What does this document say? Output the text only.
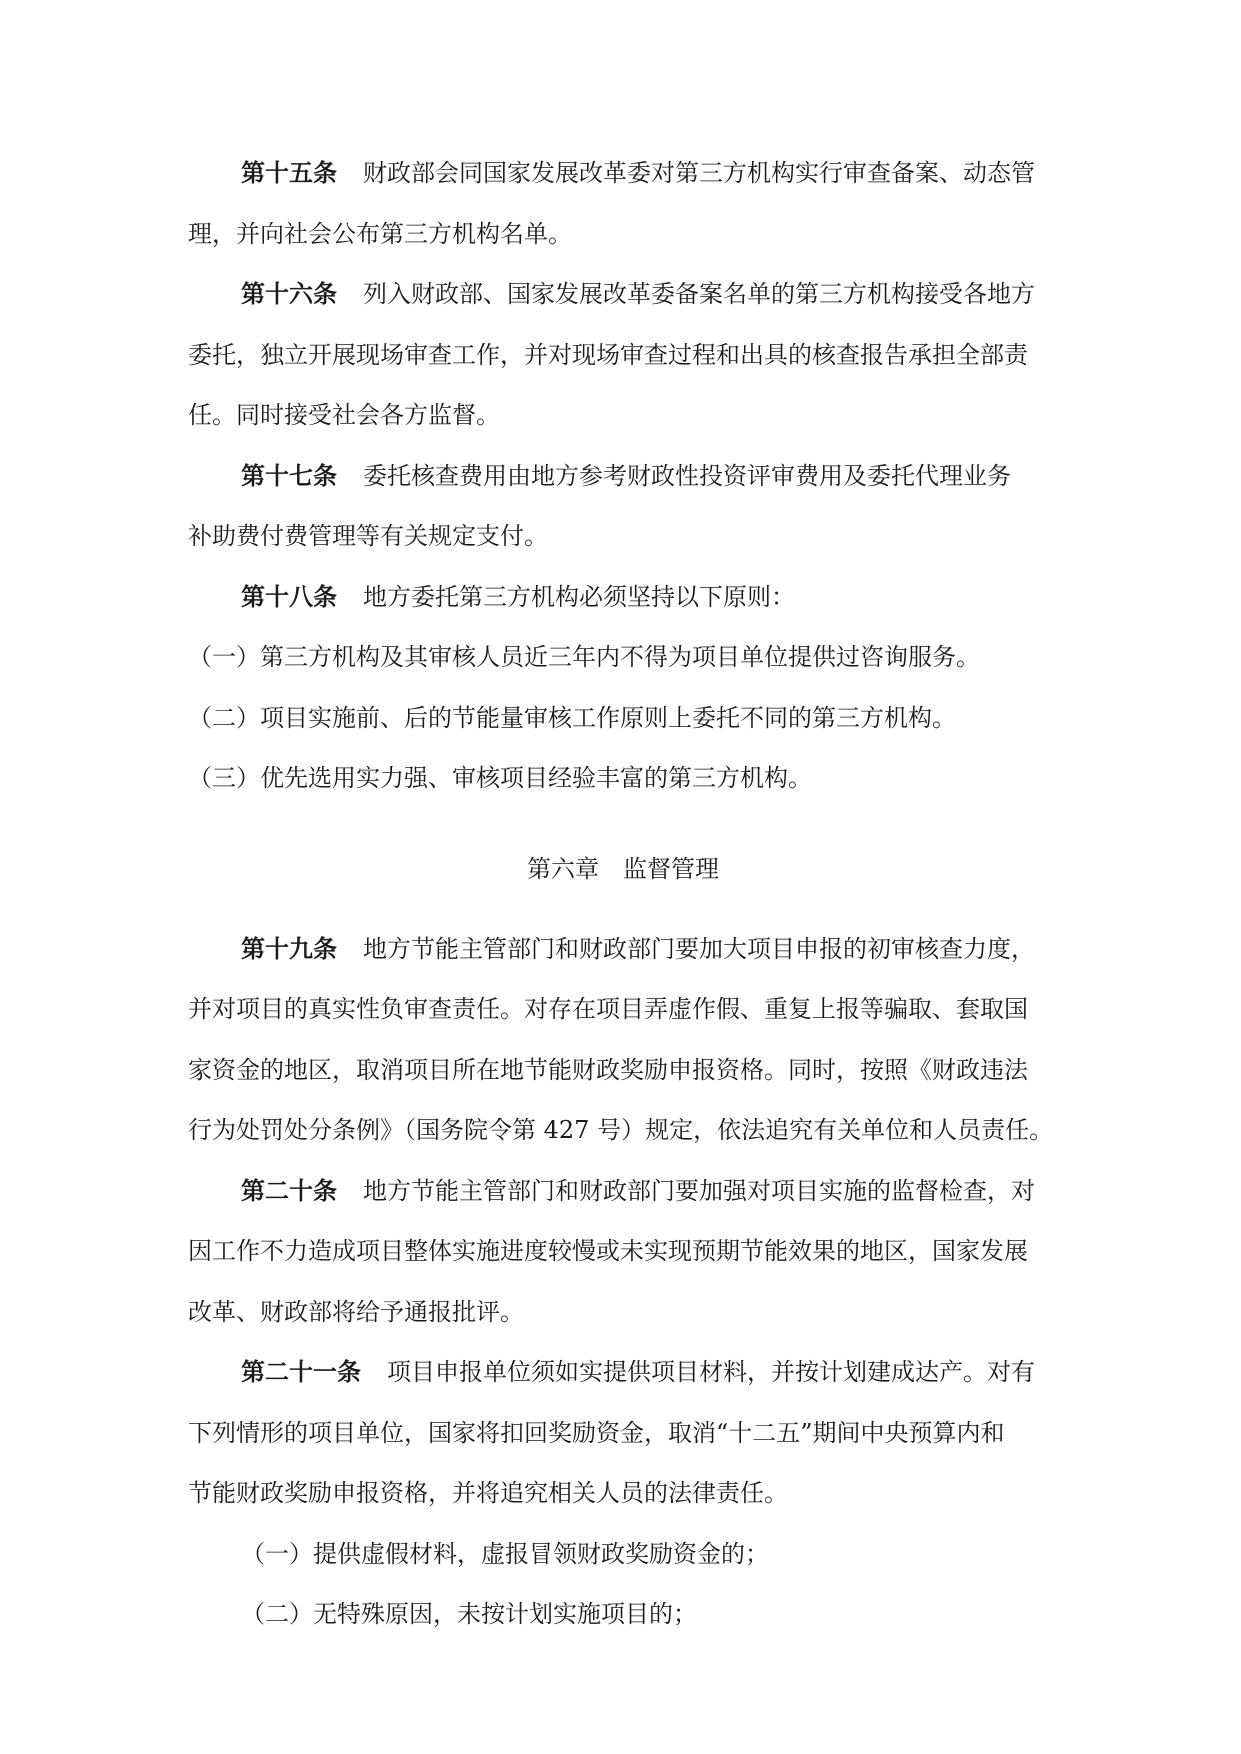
第十五条 财政部会同国家发展改革委对第三方机构实行审查备案、动态管
理，并向社会公布第三方机构名单。
第十六条 列入财政部、国家发展改革委备案名单的第三方机构接受各地方
委托，独立开展现场审查工作，并对现场审查过程和出具的核查报告承担全部责
任。同时接受社会各方监督。
第十七条 委托核查费用由地方参考财政性投资评审费用及委托代理业务
补助费付费管理等有关规定支付。
第十八条 地方委托第三方机构必须坚持以下原则：
（一）第三方机构及其审核人员近三年内不得为项目单位提供过咨询服务。
（二）项目实施前、后的节能量审核工作原则上委托不同的第三方机构。
（三）优先选用实力强、审核项目经验丰富的第三方机构。
第六章 监督管理
第十九条 地方节能主管部门和财政部门要加大项目申报的初审核查力度，
并对项目的真实性负审查责任。对存在项目弄虚作假、重复上报等骗取、套取国
家资金的地区，取消项目所在地节能财政奖励申报资格。同时，按照《财政违法
行为处罚处分条例》（国务院令第 427 号）规定，依法追究有关单位和人员责任。
第二十条 地方节能主管部门和财政部门要加强对项目实施的监督检查，对
因工作不力造成项目整体实施进度较慢或未实现预期节能效果的地区，国家发展
改革、财政部将给予通报批评。
第二十一条 项目申报单位须如实提供项目材料，并按计划建成达产。对有
下列情形的项目单位，国家将扣回奖励资金，取消“十二五”期间中央预算内和
节能财政奖励申报资格，并将追究相关人员的法律责任。
（一）提供虚假材料，虚报冒领财政奖励资金的；
（二）无特殊原因，未按计划实施项目的；
